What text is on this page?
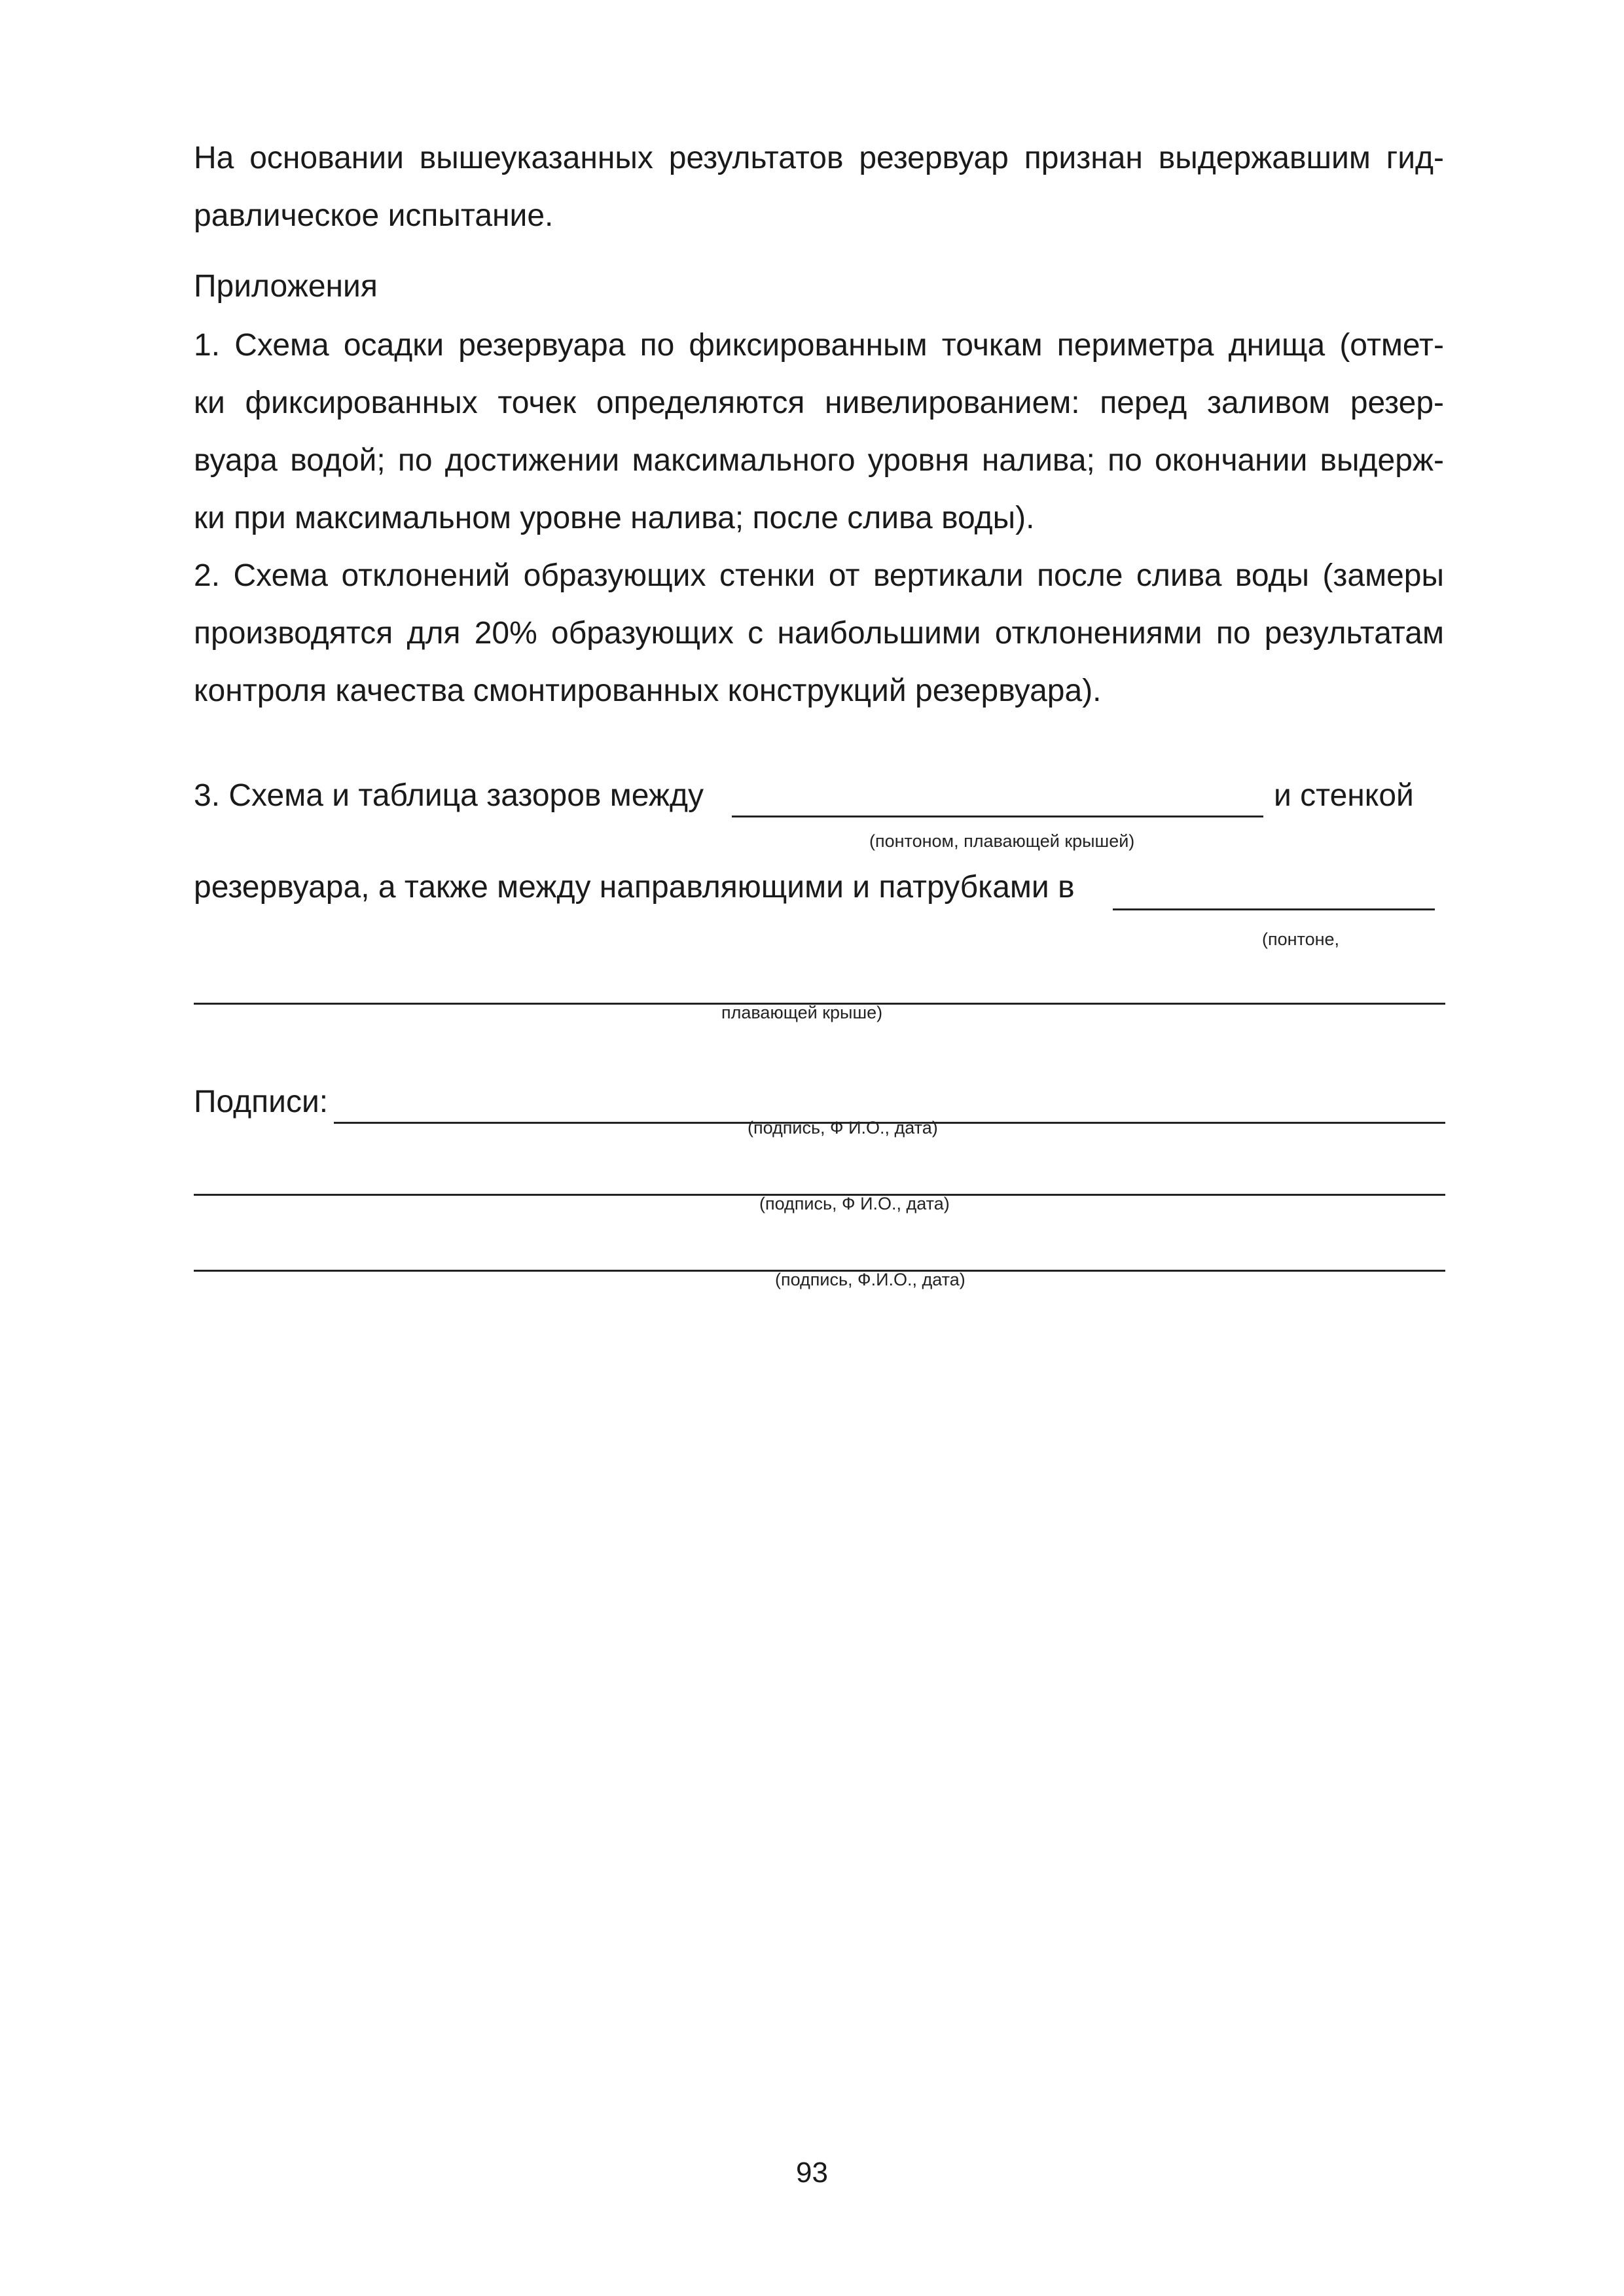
На основании вышеуказанных результатов резервуар признан выдержавшим гид-
равлическое испытание.
Приложения
1. Схема осадки резервуара по фиксированным точкам периметра днища (отмет-
ки фиксированных точек определяются нивелированием: перед заливом резер-
вуара водой; по достижении максимального уровня налива; по окончании выдерж-
ки при максимальном уровне налива; после слива воды).
2. Схема отклонений образующих стенки от вертикали после слива воды (замеры
производятся для 20% образующих с наибольшими отклонениями по результатам
контроля качества смонтированных конструкций резервуара).
3. Схема и таблица зазоров между	и стенкой
(понтоном, плавающей крышей)
резервуара, а также между направляющими и патрубками в
(понтоне,
плавающей крыше)
Подписи:
(подпись, Ф И.О., дата)
(подпись, Ф И.О., дата)
(подпись, Ф.И.О., дата)
93
